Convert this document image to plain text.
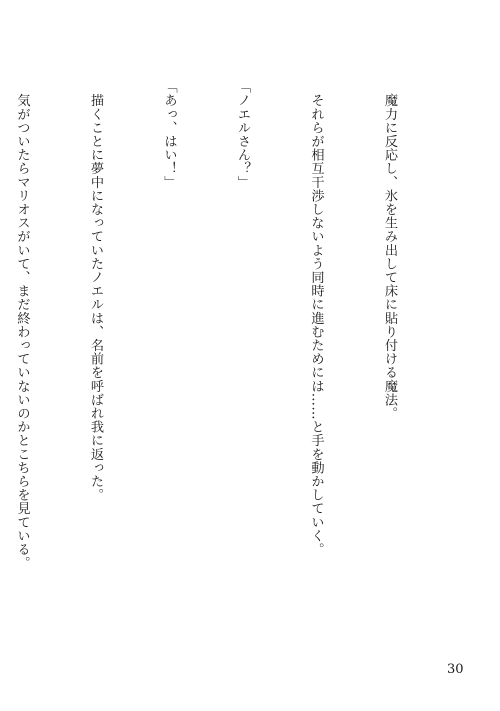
　魔力に反応し、氷を生み出して床に貼り付ける魔法。

　それらが相互干渉しないよう同時に進むためには……と手を動かしていく。

「ノエルさん？」

「あっ、はい！」

　描くことに夢中になっていたノエルは、名前を呼ばれ我に返った。

　気がついたらマリオスがいて、まだ終わっていないのかとこちらを見ている。

30
